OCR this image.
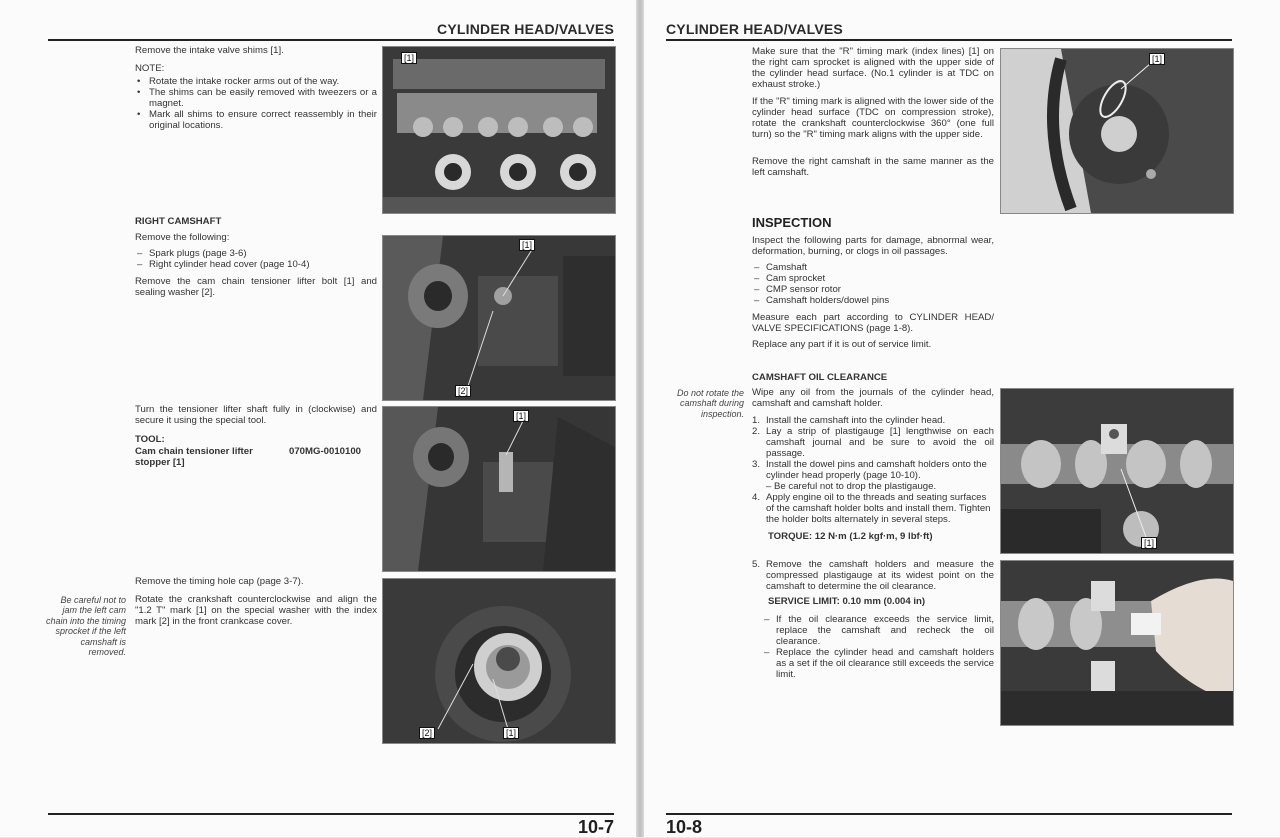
CYLINDER HEAD/VALVES
Remove the intake valve shims [1].
NOTE:
• Rotate the intake rocker arms out of the way.
• The shims can be easily removed with tweezers or a magnet.
• Mark all shims to ensure correct reassembly in their original locations.
[1]
RIGHT CAMSHAFT
Remove the following:
– Spark plugs (page 3-6)
– Right cylinder head cover (page 10-4)
Remove the cam chain tensioner lifter bolt [1] and sealing washer [2].
[1]
[2]
Turn the tensioner lifter shaft fully in (clockwise) and secure it using the special tool.
TOOL:
Cam chain tensioner lifter stopper [1]
070MG-0010100
[1]
Remove the timing hole cap (page 3-7).
Rotate the crankshaft counterclockwise and align the "1.2 T" mark [1] on the special washer with the index mark [2] in the front crankcase cover.
Be careful not to jam the left cam chain into the timing sprocket if the left camshaft is removed.
[2]	[1]
10-7
CYLINDER HEAD/VALVES
Make sure that the "R" timing mark (index lines) [1] on the right cam sprocket is aligned with the upper side of the cylinder head surface. (No.1 cylinder is at TDC on exhaust stroke.)
If the "R" timing mark is aligned with the lower side of the cylinder head surface (TDC on compression stroke), rotate the crankshaft counterclockwise 360° (one full turn) so the "R" timing mark aligns with the upper side.
Remove the right camshaft in the same manner as the left camshaft.
[1]
INSPECTION
Inspect the following parts for damage, abnormal wear, deformation, burning, or clogs in oil passages.
– Camshaft
– Cam sprocket
– CMP sensor rotor
– Camshaft holders/dowel pins
Measure each part according to CYLINDER HEAD/ VALVE SPECIFICATIONS (page 1-8).
Replace any part if it is out of service limit.
CAMSHAFT OIL CLEARANCE
Do not rotate the camshaft during inspection.
Wipe any oil from the journals of the cylinder head, camshaft and camshaft holder.
1. Install the camshaft into the cylinder head.
2. Lay a strip of plastigauge [1] lengthwise on each camshaft journal and be sure to avoid the oil passage.
3. Install the dowel pins and camshaft holders onto the cylinder head properly (page 10-10).
– Be careful not to drop the plastigauge.
4. Apply engine oil to the threads and seating surfaces of the camshaft holder bolts and install them. Tighten the holder bolts alternately in several steps.
TORQUE: 12 N·m (1.2 kgf·m, 9 lbf·ft)
[1]
5. Remove the camshaft holders and measure the compressed plastigauge at its widest point on the camshaft to determine the oil clearance.
SERVICE LIMIT: 0.10 mm (0.004 in)
– If the oil clearance exceeds the service limit, replace the camshaft and recheck the oil clearance.
– Replace the cylinder head and camshaft holders as a set if the oil clearance still exceeds the service limit.
10-8
